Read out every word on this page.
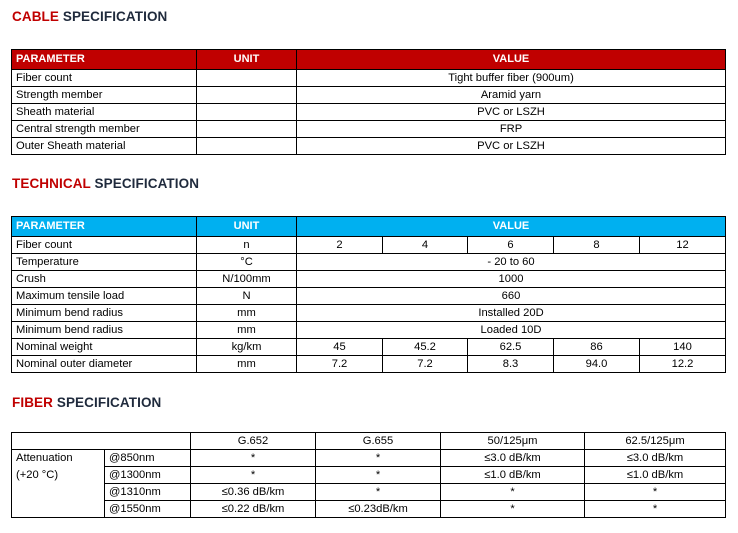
CABLE SPECIFICATION
PARAMETER	UNIT	VALUE
Fiber count		Tight buffer fiber (900um)
Strength member		Aramid yarn
Sheath material		PVC or LSZH
Central strength member		FRP
Outer Sheath material		PVC or LSZH
TECHNICAL SPECIFICATION
PARAMETER	UNIT	VALUE				
Fiber count	n	2	4	6	8	12
Temperature	°C	- 20 to 60				
Crush	N/100mm	1000				
Maximum tensile load	N	660				
Minimum bend radius	mm	Installed 20D				
Minimum bend radius	mm	Loaded 10D				
Nominal weight	kg/km	45	45.2	62.5	86	140
Nominal outer diameter	mm	7.2	7.2	8.3	94.0	12.2
FIBER SPECIFICATION
		G.652	G.655	50/125μm	62.5/125μm
Attenuation	@850nm	*	*	≤3.0 dB/km	≤3.0 dB/km
(+20 °C)	@1300nm	*	*	≤1.0 dB/km	≤1.0 dB/km
	@1310nm	≤0.36 dB/km	*	*	*
	@1550nm	≤0.22 dB/km	≤0.23dB/km	*	*
